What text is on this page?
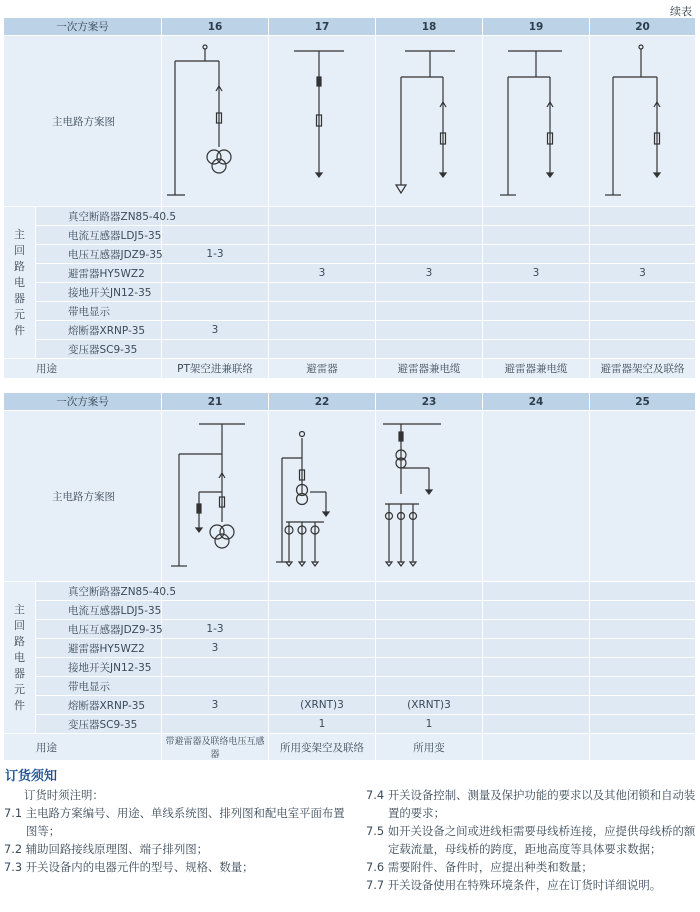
续表
一次方案号		16	17	18	19	20
主电路方案图	

主回路电器元件	真空断路器ZN85-40.5					
	电流互感器LDJ5-35					
	电压互感器JDZ9-35	1-3				
	避雷器HY5WZ2		3	3	3	3
	接地开关JN12-35					
	带电显示					
	熔断器XRNP-35	3				
	变压器SC9-35					
用途		PT架空进兼联络	避雷器	避雷器兼电缆	避雷器兼电缆	避雷器架空及联络
一次方案号		21	22	23	24	25
主电路方案图	

主回路电器元件	真空断路器ZN85-40.5					
	电流互感器LDJ5-35					
	电压互感器JDZ9-35	1-3				
	避雷器HY5WZ2	3				
	接地开关JN12-35					
	带电显示					
	熔断器XRNP-35	3	(XRNT)3	(XRNT)3		
	变压器SC9-35		1	1		
用途		带避雷器及联络电压互感器	所用变架空及联络	所用变		
订货须知

订货时须注明：

7.1 主电路方案编号、用途、单线系统图、排列图和配电室平面布置图等；

7.2 辅助回路接线原理图、端子排列图；

7.3 开关设备内的电器元件的型号、规格、数量；

7.4 开关设备控制、测量及保护功能的要求以及其他闭锁和自动装置的要求；

7.5 如开关设备之间或进线柜需要母线桥连接，应提供母线桥的额定载流量，母线桥的跨度，距地高度等具体要求数据；

7.6 需要附件、备件时，应提出种类和数量；

7.7 开关设备使用在特殊环境条件，应在订货时详细说明。
